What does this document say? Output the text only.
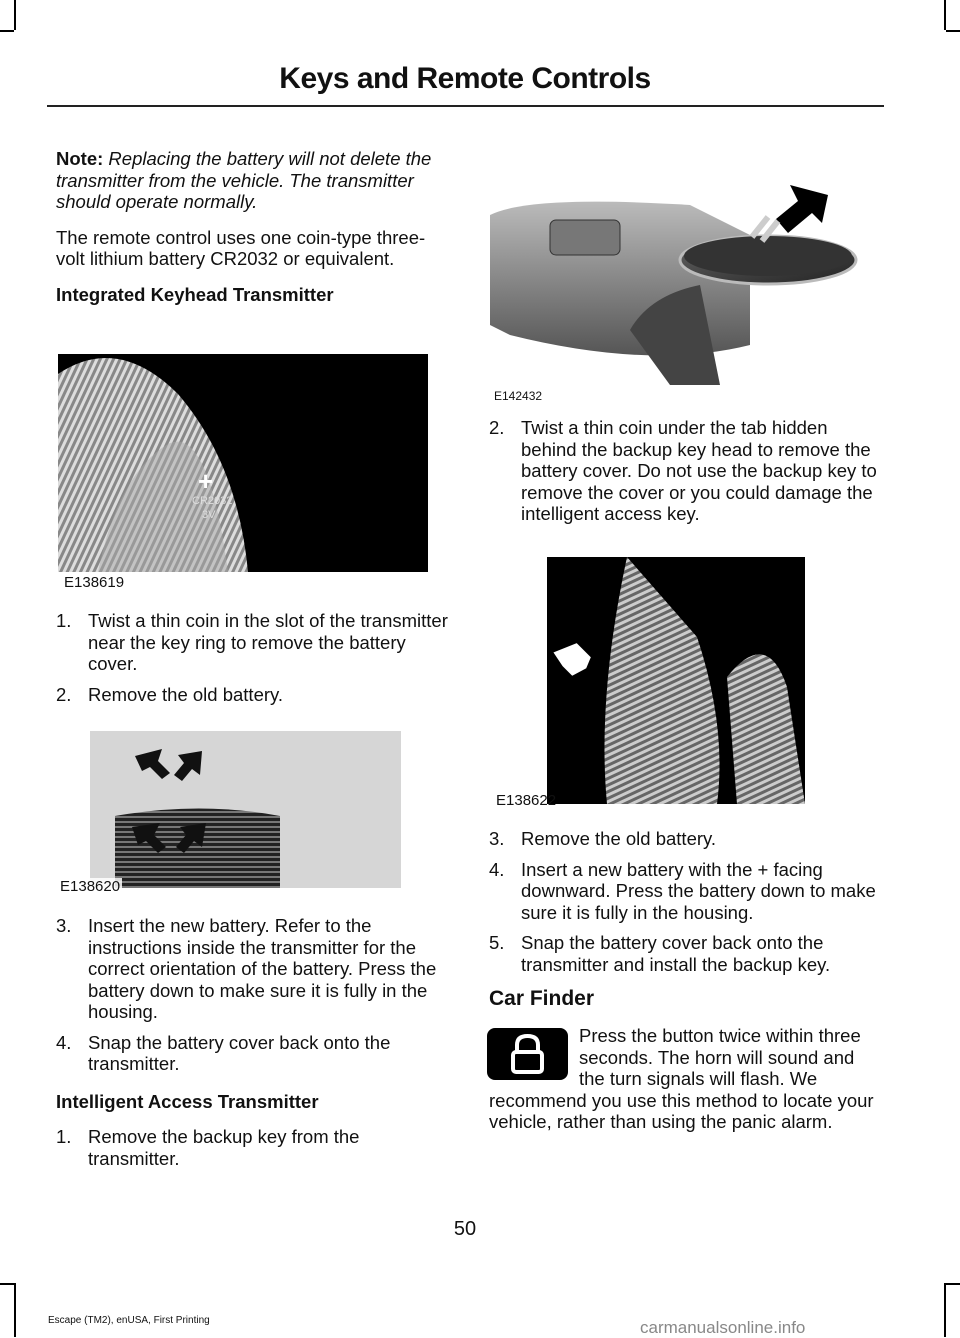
Keys and Remote Controls

Note: Replacing the battery will not delete the transmitter from the vehicle. The transmitter should operate normally.

The remote control uses one coin-type three-volt lithium battery CR2032 or equivalent.

Integrated Keyhead Transmitter

+
CR2032
3V
E138619
1. Twist a thin coin in the slot of the transmitter near the key ring to remove the battery cover.
2. Remove the old battery.
E138620
3. Insert the new battery. Refer to the instructions inside the transmitter for the correct orientation of the battery. Press the battery down to make sure it is fully in the housing.
4. Snap the battery cover back onto the transmitter.

Intelligent Access Transmitter

1. Remove the backup key from the transmitter.
E142432
2. Twist a thin coin under the tab hidden behind the backup key head to remove the battery cover. Do not use the backup key to remove the cover or you could damage the intelligent access key.
E138622
3. Remove the old battery.
4. Insert a new battery with the + facing downward. Press the battery down to make sure it is fully in the housing.
5. Snap the battery cover back onto the transmitter and install the backup key.
Car Finder

Press the button twice within three seconds. The horn will sound and the turn signals will flash. We recommend you use this method to locate your vehicle, rather than using the panic alarm.

50
Escape (TM2), enUSA, First Printing	carmanualsonline.info
